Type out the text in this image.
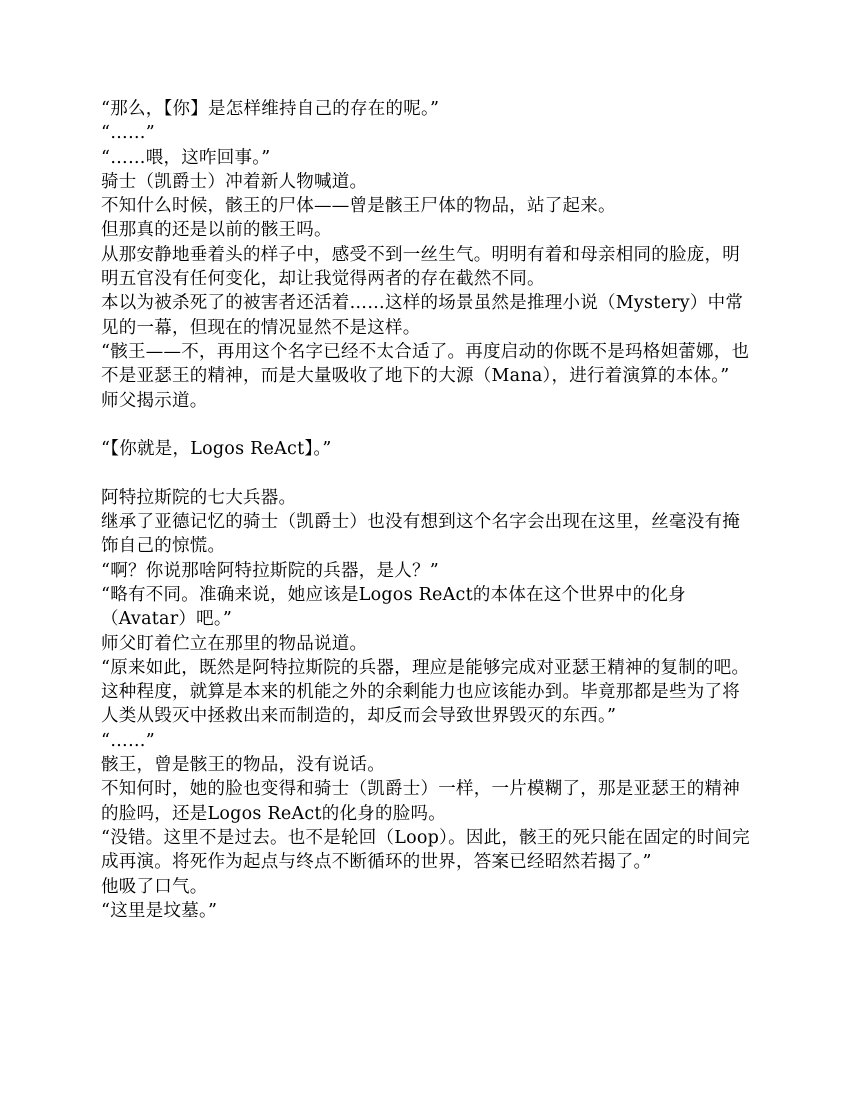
“那么，【你】是怎样维持自己的存在的呢。”

“……”

“……喂，这咋回事。”

骑士（凯爵士）冲着新人物喊道。

不知什么时候，骸王的尸体——曾是骸王尸体的物品，站了起来。

但那真的还是以前的骸王吗。

从那安静地垂着头的样子中，感受不到一丝生气。明明有着和母亲相同的脸庞，明明五官没有任何变化，却让我觉得两者的存在截然不同。

本以为被杀死了的被害者还活着……这样的场景虽然是推理小说（Mystery）中常见的一幕，但现在的情况显然不是这样。

“骸王——不，再用这个名字已经不太合适了。再度启动的你既不是玛格妲蕾娜，也不是亚瑟王的精神，而是大量吸收了地下的大源（Mana），进行着演算的本体。”

师父揭示道。

“【你就是，Logos ReAct】。”

阿特拉斯院的七大兵器。

继承了亚德记忆的骑士（凯爵士）也没有想到这个名字会出现在这里，丝毫没有掩饰自己的惊慌。

“啊？你说那啥阿特拉斯院的兵器，是人？”

“略有不同。准确来说，她应该是Logos ReAct的本体在这个世界中的化身（Avatar）吧。”

师父盯着伫立在那里的物品说道。

“原来如此，既然是阿特拉斯院的兵器，理应是能够完成对亚瑟王精神的复制的吧。这种程度，就算是本来的机能之外的余剩能力也应该能办到。毕竟那都是些为了将人类从毁灭中拯救出来而制造的，却反而会导致世界毁灭的东西。”

“……”

骸王，曾是骸王的物品，没有说话。

不知何时，她的脸也变得和骑士（凯爵士）一样，一片模糊了，那是亚瑟王的精神的脸吗，还是Logos ReAct的化身的脸吗。

“没错。这里不是过去。也不是轮回（Loop）。因此，骸王的死只能在固定的时间完成再演。将死作为起点与终点不断循环的世界，答案已经昭然若揭了。”

他吸了口气。

“这里是坟墓。”
